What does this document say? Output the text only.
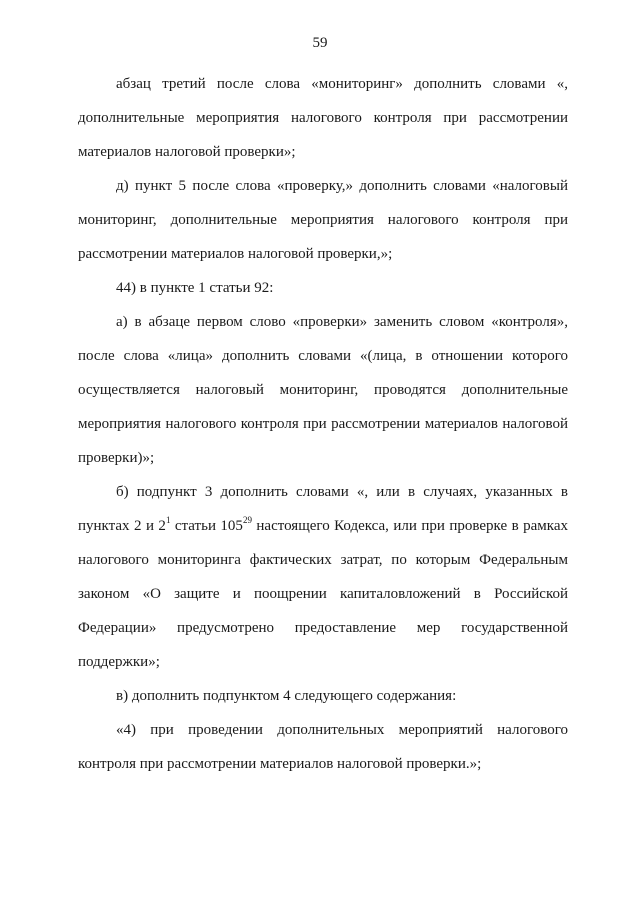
59

абзац третий после слова «мониторинг» дополнить словами «, дополнительные мероприятия налогового контроля при рассмотрении материалов налоговой проверки»;

д) пункт 5 после слова «проверку,» дополнить словами «налоговый мониторинг, дополнительные мероприятия налогового контроля при рассмотрении материалов налоговой проверки,»;

44) в пункте 1 статьи 92:

а) в абзаце первом слово «проверки» заменить словом «контроля», после слова «лица» дополнить словами «(лица, в отношении которого осуществляется налоговый мониторинг, проводятся дополнительные мероприятия налогового контроля при рассмотрении материалов налоговой проверки)»;

б) подпункт 3 дополнить словами «, или в случаях, указанных в пунктах 2 и $2^1$ статьи $105^{29}$ настоящего Кодекса, или при проверке в рамках налогового мониторинга фактических затрат, по которым Федеральным законом «О защите и поощрении капиталовложений в Российской Федерации» предусмотрено предоставление мер государственной поддержки»;

в) дополнить подпунктом 4 следующего содержания:

«4) при проведении дополнительных мероприятий налогового контроля при рассмотрении материалов налоговой проверки.»;
